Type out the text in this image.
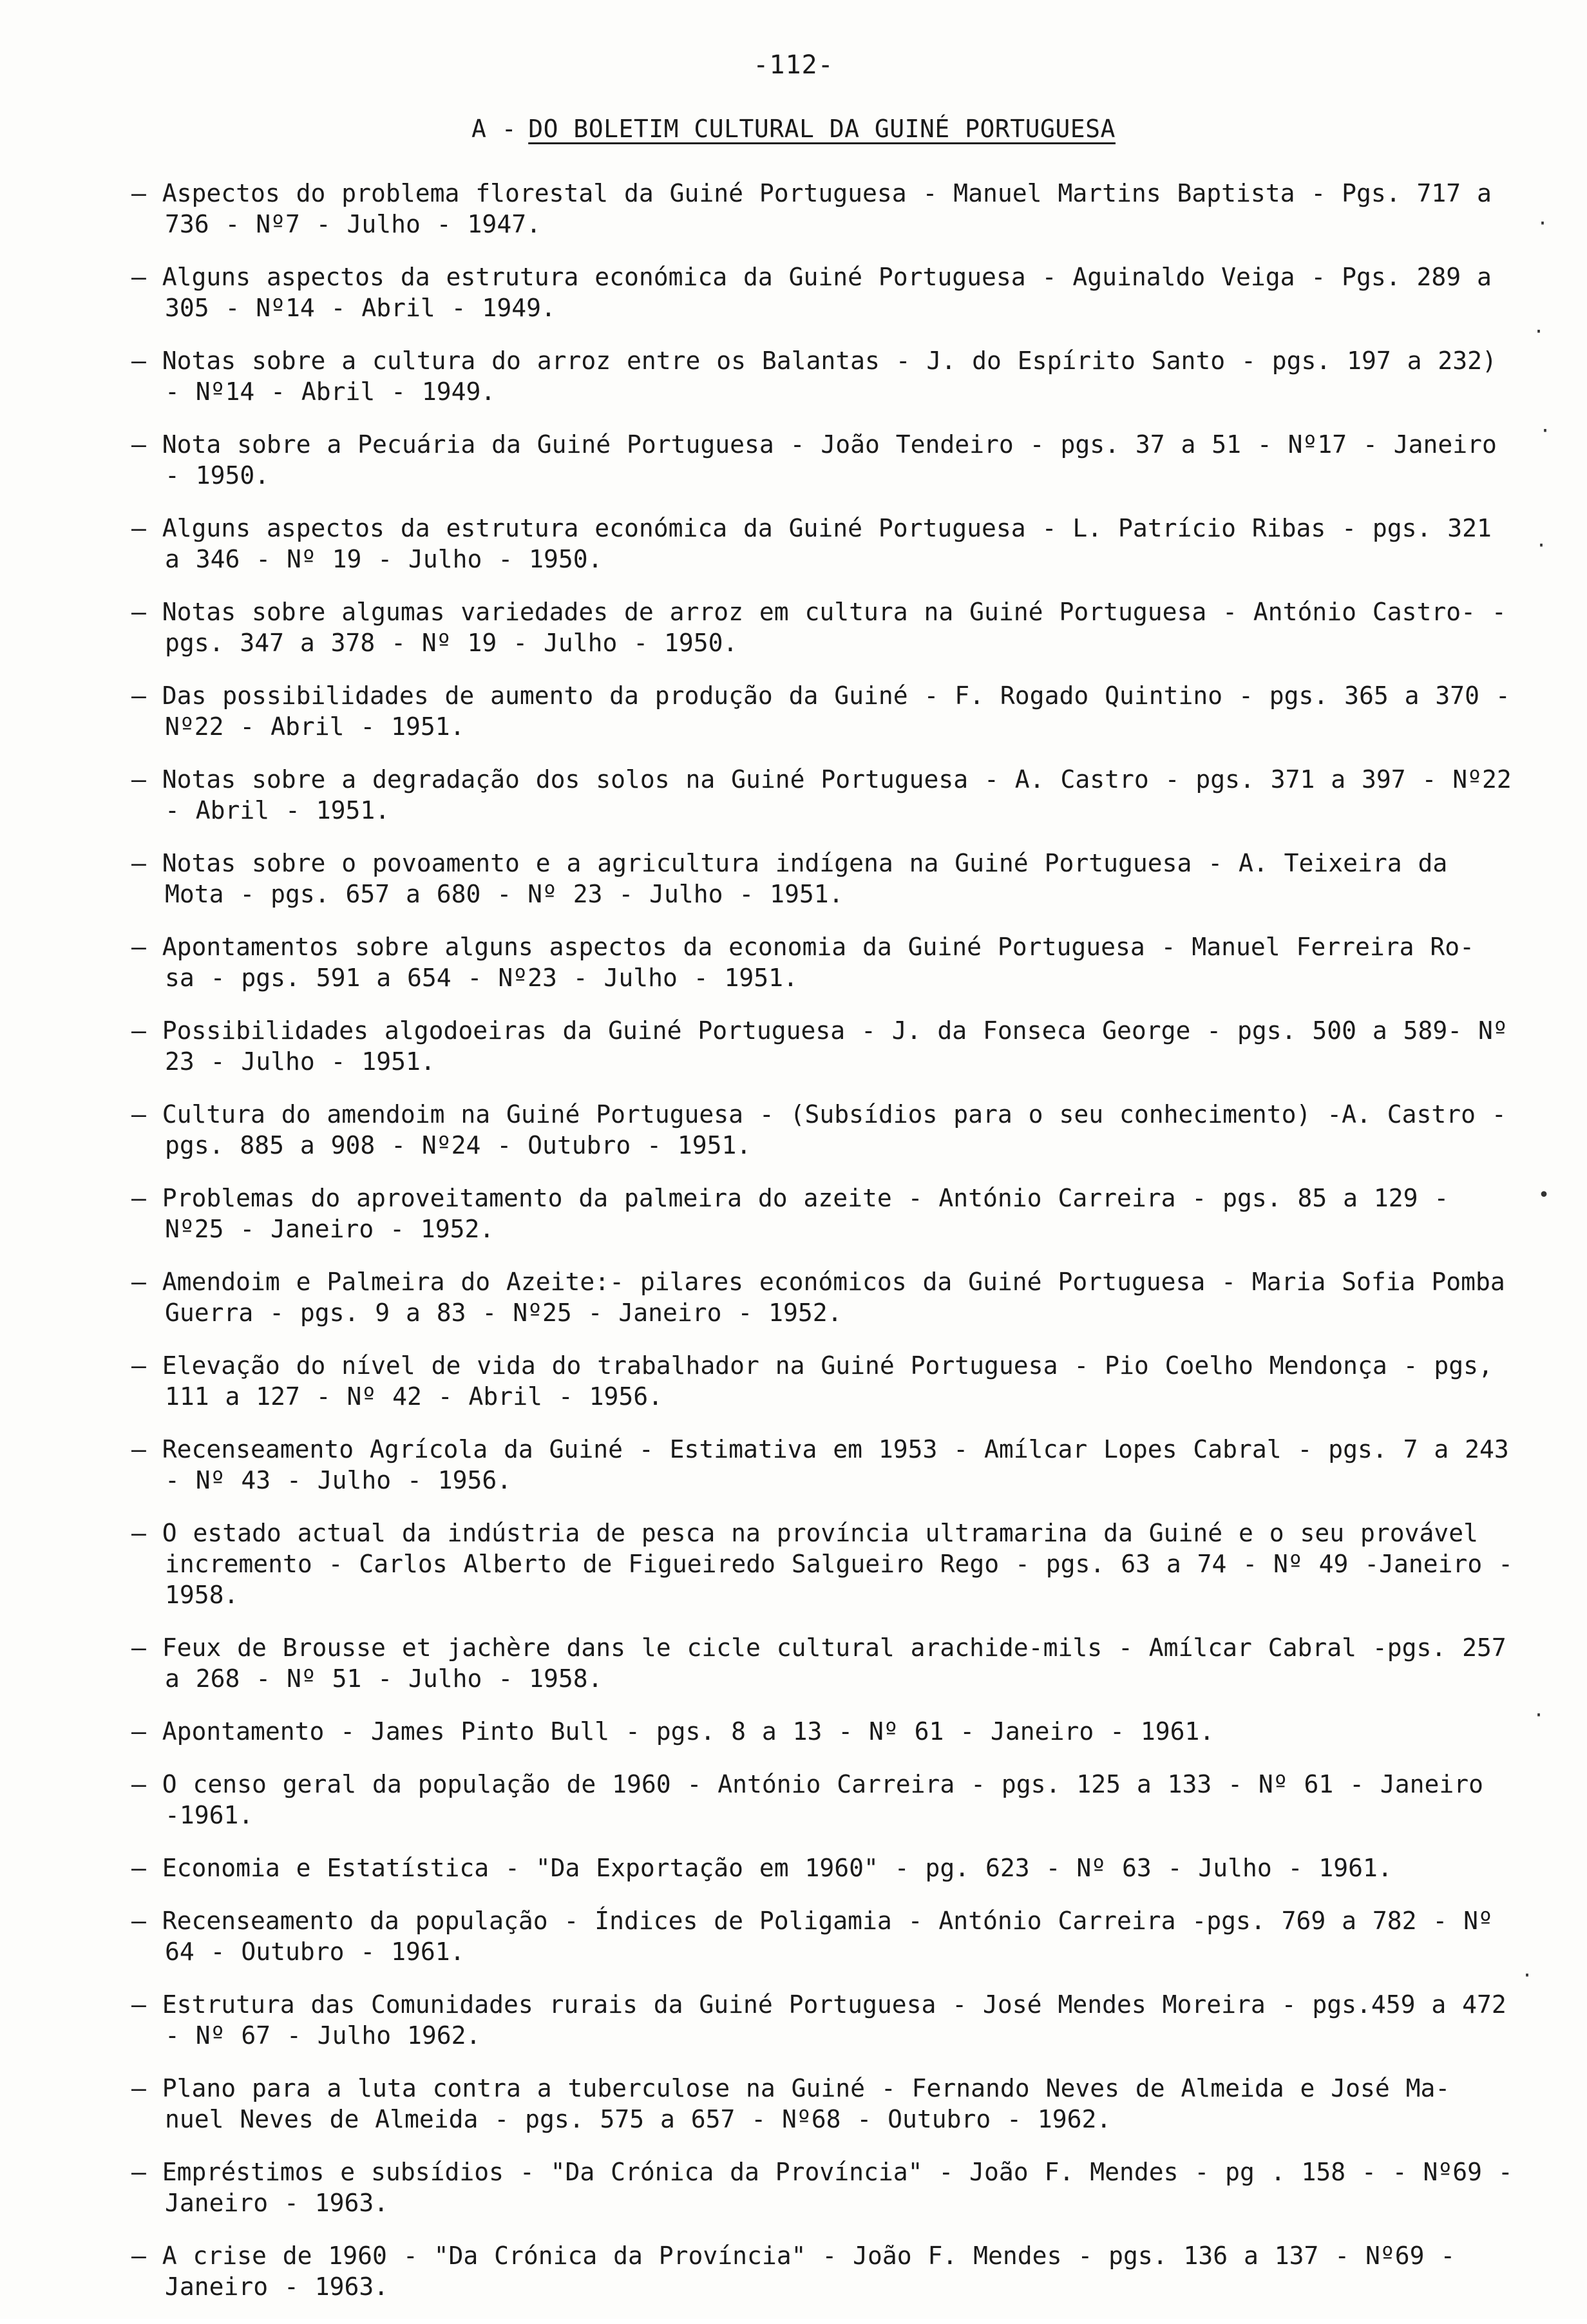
-112-
A - DO BOLETIM CULTURAL DA GUINÉ PORTUGUESA
– Aspectos do problema florestal da Guiné Portuguesa - Manuel Martins Baptista - Pgs. 717 a 736 - Nº7 - Julho - 1947.
– Alguns aspectos da estrutura económica da Guiné Portuguesa - Aguinaldo Veiga - Pgs. 289 a 305 - Nº14 - Abril - 1949.
– Notas sobre a cultura do arroz entre os Balantas - J. do Espírito Santo - pgs. 197 a 232) - Nº14 - Abril - 1949.
– Nota sobre a Pecuária da Guiné Portuguesa - João Tendeiro - pgs. 37 a 51 - Nº17 - Janeiro - 1950.
– Alguns aspectos da estrutura económica da Guiné Portuguesa - L. Patrício Ribas - pgs. 321 a 346 - Nº 19 - Julho - 1950.
– Notas sobre algumas variedades de arroz em cultura na Guiné Portuguesa - António Castro- - pgs. 347 a 378 - Nº 19 - Julho - 1950.
– Das possibilidades de aumento da produção da Guiné - F. Rogado Quintino - pgs. 365 a 370 - Nº22 - Abril - 1951.
– Notas sobre a degradação dos solos na Guiné Portuguesa - A. Castro - pgs. 371 a 397 - Nº22 - Abril - 1951.
– Notas sobre o povoamento e a agricultura indígena na Guiné Portuguesa - A. Teixeira da Mota - pgs. 657 a 680 - Nº 23 - Julho - 1951.
– Apontamentos sobre alguns aspectos da economia da Guiné Portuguesa - Manuel Ferreira Ro- sa - pgs. 591 a 654 - Nº23 - Julho - 1951.
– Possibilidades algodoeiras da Guiné Portuguesa - J. da Fonseca George - pgs. 500 a 589- Nº 23 - Julho - 1951.
– Cultura do amendoim na Guiné Portuguesa - (Subsídios para o seu conhecimento) -A. Castro - pgs. 885 a 908 - Nº24 - Outubro - 1951.
– Problemas do aproveitamento da palmeira do azeite - António Carreira - pgs. 85 a 129 - Nº25 - Janeiro - 1952.
– Amendoim e Palmeira do Azeite:- pilares económicos da Guiné Portuguesa - Maria Sofia Pomba Guerra - pgs. 9 a 83 - Nº25 - Janeiro - 1952.
– Elevação do nível de vida do trabalhador na Guiné Portuguesa - Pio Coelho Mendonça - pgs, 111 a 127 - Nº 42 - Abril - 1956.
– Recenseamento Agrícola da Guiné - Estimativa em 1953 - Amílcar Lopes Cabral - pgs. 7 a 243 - Nº 43 - Julho - 1956.
– O estado actual da indústria de pesca na província ultramarina da Guiné e o seu provável incremento - Carlos Alberto de Figueiredo Salgueiro Rego - pgs. 63 a 74 - Nº 49 -Janeiro - 1958.
– Feux de Brousse et jachère dans le cicle cultural arachide-mils - Amílcar Cabral -pgs. 257 a 268 - Nº 51 - Julho - 1958.
– Apontamento - James Pinto Bull - pgs. 8 a 13 - Nº 61 - Janeiro - 1961.
– O censo geral da população de 1960 - António Carreira - pgs. 125 a 133 - Nº 61 - Janeiro -1961.
– Economia e Estatística - "Da Exportação em 1960" - pg. 623 - Nº 63 - Julho - 1961.
– Recenseamento da população - Índices de Poligamia - António Carreira -pgs. 769 a 782 - Nº 64 - Outubro - 1961.
– Estrutura das Comunidades rurais da Guiné Portuguesa - José Mendes Moreira - pgs.459 a 472 - Nº 67 - Julho 1962.
– Plano para a luta contra a tuberculose na Guiné - Fernando Neves de Almeida e José Ma- nuel Neves de Almeida - pgs. 575 a 657 - Nº68 - Outubro - 1962.
– Empréstimos e subsídios - "Da Crónica da Província" - João F. Mendes - pg . 158 - - Nº69 - Janeiro - 1963.
– A crise de 1960 - "Da Crónica da Província" - João F. Mendes - pgs. 136 a 137 - Nº69 - Janeiro - 1963.
·
·
·
·
•
·
·
